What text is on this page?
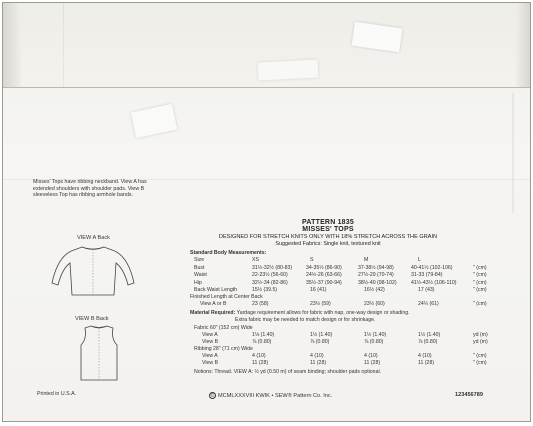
Misses' Tops have ribbing neckband. View A has extended shoulders with shoulder pads. View B sleeveless Top has ribbing armhole bands.
VIEW A Back
VIEW B Back
Printed in U.S.A.
PATTERN 1835
MISSES' TOPS
DESIGNED FOR STRETCH KNITS ONLY WITH 18% STRETCH ACROSS THE GRAIN
Suggested Fabrics: Single knit, textured knit
Standard Body Measurements:
Size	XS	S	M	L
Bust	31½-32½ (80-83)	34-35½ (86-90)	37-38½ (94-98)	40-41½ (102-106)	" (cm)
Waist	22-23½ (56-60)	24½-26 (63-66)	27½-29 (70-74)	31-33 (79-84)	" (cm)
Hip	32½-34 (82-86)	35½-37 (90-94)	38½-40 (98-102)	41½-43½ (106-110)	" (cm)
Back Waist Length	15½ (39.5)	16 (41)	16½ (42)	17 (43)	" (cm)
Finished Length at Center Back
View A or B	23 (58)	23½ (59)	23½ (60)	24¼ (61)	" (cm)
Material Required: Yardage requirement allows for fabric with nap, one-way design or shading.
Extra fabric may be needed to match design or for shrinkage.
Fabric 60" (152 cm) Wide
View A	1⅛ (1.40)	1½ (1.40)	1½ (1.40)	1½ (1.40)	yd (m)
View B	⅞ (0.80)	⅞ (0.80)	⅞ (0.80)	⅞ (0.80)	yd (m)
Ribbing 28" (71 cm) Wide
View A	4 (10)	4 (10)	4 (10)	4 (10)	" (cm)
View B	11 (28)	11 (28)	11 (28)	11 (28)	" (cm)
Notions: Thread. VIEW A: ½ yd (0.50 m) of seam binding; shoulder pads optional.
© MCMLXXXVIII KWIK • SEW® Pattern Co. Inc.	123456789
